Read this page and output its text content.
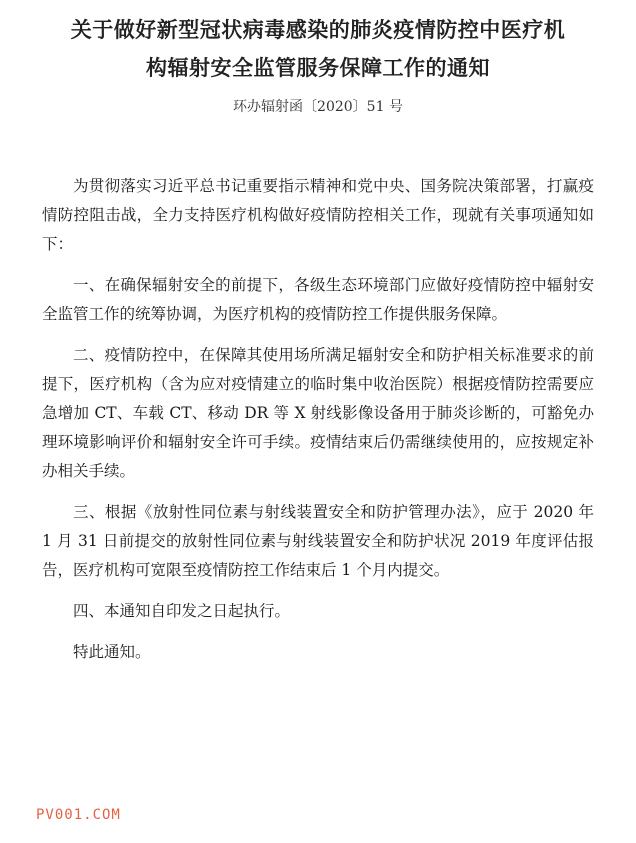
关于做好新型冠状病毒感染的肺炎疫情防控中医疗机
构辐射安全监管服务保障工作的通知

环办辐射函〔2020〕51 号

为贯彻落实习近平总书记重要指示精神和党中央、国务院决策部署，打赢疫情防控阻击战，全力支持医疗机构做好疫情防控相关工作，现就有关事项通知如下：

一、在确保辐射安全的前提下，各级生态环境部门应做好疫情防控中辐射安全监管工作的统筹协调，为医疗机构的疫情防控工作提供服务保障。

二、疫情防控中，在保障其使用场所满足辐射安全和防护相关标准要求的前提下，医疗机构（含为应对疫情建立的临时集中收治医院）根据疫情防控需要应急增加 CT、车载 CT、移动 DR 等 X 射线影像设备用于肺炎诊断的，可豁免办理环境影响评价和辐射安全许可手续。疫情结束后仍需继续使用的，应按规定补办相关手续。

三、根据《放射性同位素与射线装置安全和防护管理办法》，应于 2020 年 1 月 31 日前提交的放射性同位素与射线装置安全和防护状况 2019 年度评估报告，医疗机构可宽限至疫情防控工作结束后 1 个月内提交。

四、本通知自印发之日起执行。

特此通知。

PV001.COM
